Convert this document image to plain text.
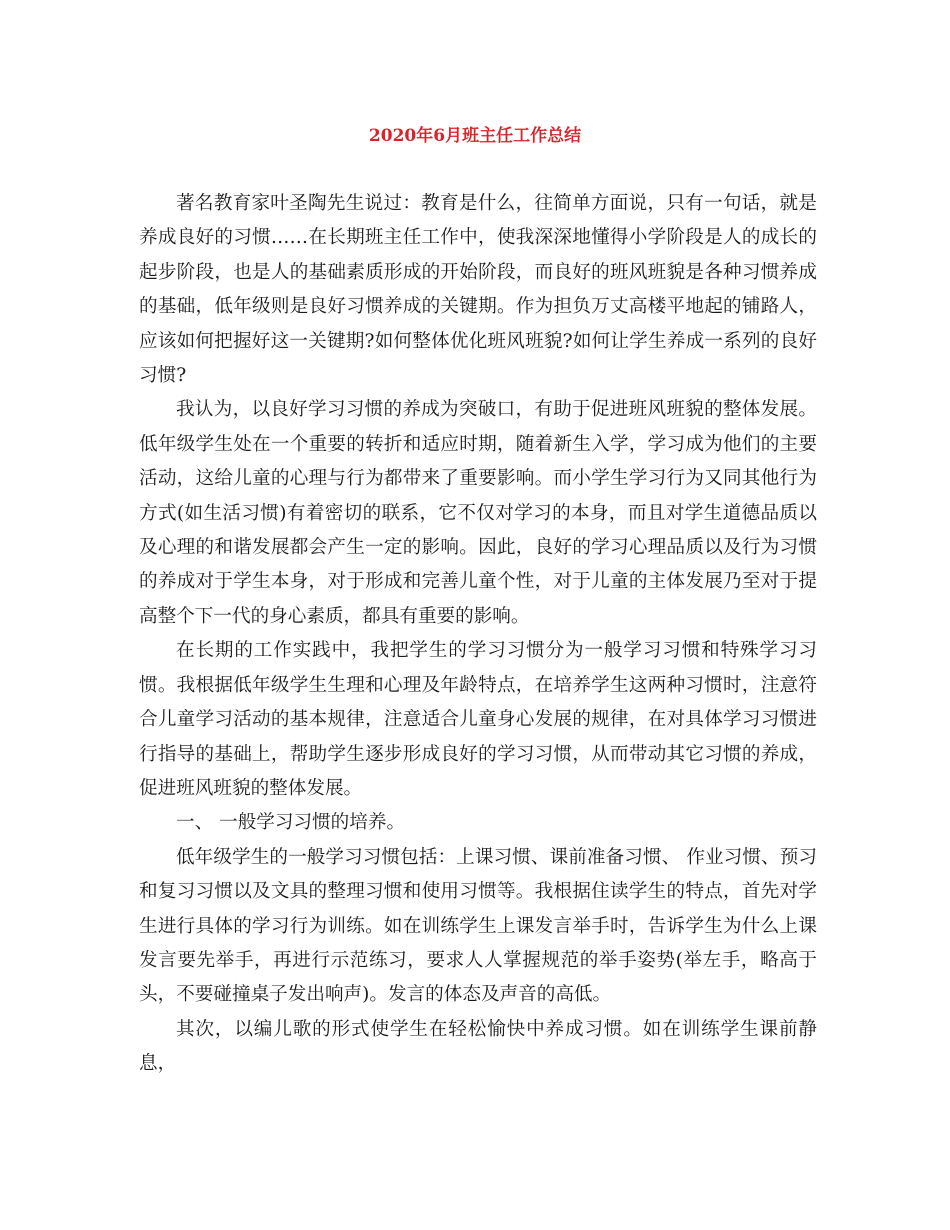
2020年6月班主任工作总结

著名教育家叶圣陶先生说过：教育是什么，往简单方面说，只有一句话，就是养成良好的习惯……在长期班主任工作中，使我深深地懂得小学阶段是人的成长的起步阶段，也是人的基础素质形成的开始阶段，而良好的班风班貌是各种习惯养成的基础，低年级则是良好习惯养成的关键期。作为担负万丈高楼平地起的铺路人，应该如何把握好这一关键期?如何整体优化班风班貌?如何让学生养成一系列的良好习惯?

我认为，以良好学习习惯的养成为突破口，有助于促进班风班貌的整体发展。低年级学生处在一个重要的转折和适应时期，随着新生入学，学习成为他们的主要活动，这给儿童的心理与行为都带来了重要影响。而小学生学习行为又同其他行为方式(如生活习惯)有着密切的联系，它不仅对学习的本身，而且对学生道德品质以及心理的和谐发展都会产生一定的影响。因此，良好的学习心理品质以及行为习惯的养成对于学生本身，对于形成和完善儿童个性，对于儿童的主体发展乃至对于提高整个下一代的身心素质，都具有重要的影响。

在长期的工作实践中，我把学生的学习习惯分为一般学习习惯和特殊学习习惯。我根据低年级学生生理和心理及年龄特点，在培养学生这两种习惯时，注意符合儿童学习活动的基本规律，注意适合儿童身心发展的规律，在对具体学习习惯进行指导的基础上，帮助学生逐步形成良好的学习习惯，从而带动其它习惯的养成，促进班风班貌的整体发展。

一、 一般学习习惯的培养。

低年级学生的一般学习习惯包括：上课习惯、课前准备习惯、 作业习惯、预习和复习习惯以及文具的整理习惯和使用习惯等。我根据住读学生的特点，首先对学生进行具体的学习行为训练。如在训练学生上课发言举手时，告诉学生为什么上课发言要先举手，再进行示范练习，要求人人掌握规范的举手姿势(举左手，略高于头，不要碰撞桌子发出响声)。发言的体态及声音的高低。

其次，以编儿歌的形式使学生在轻松愉快中养成习惯。如在训练学生课前静息，
